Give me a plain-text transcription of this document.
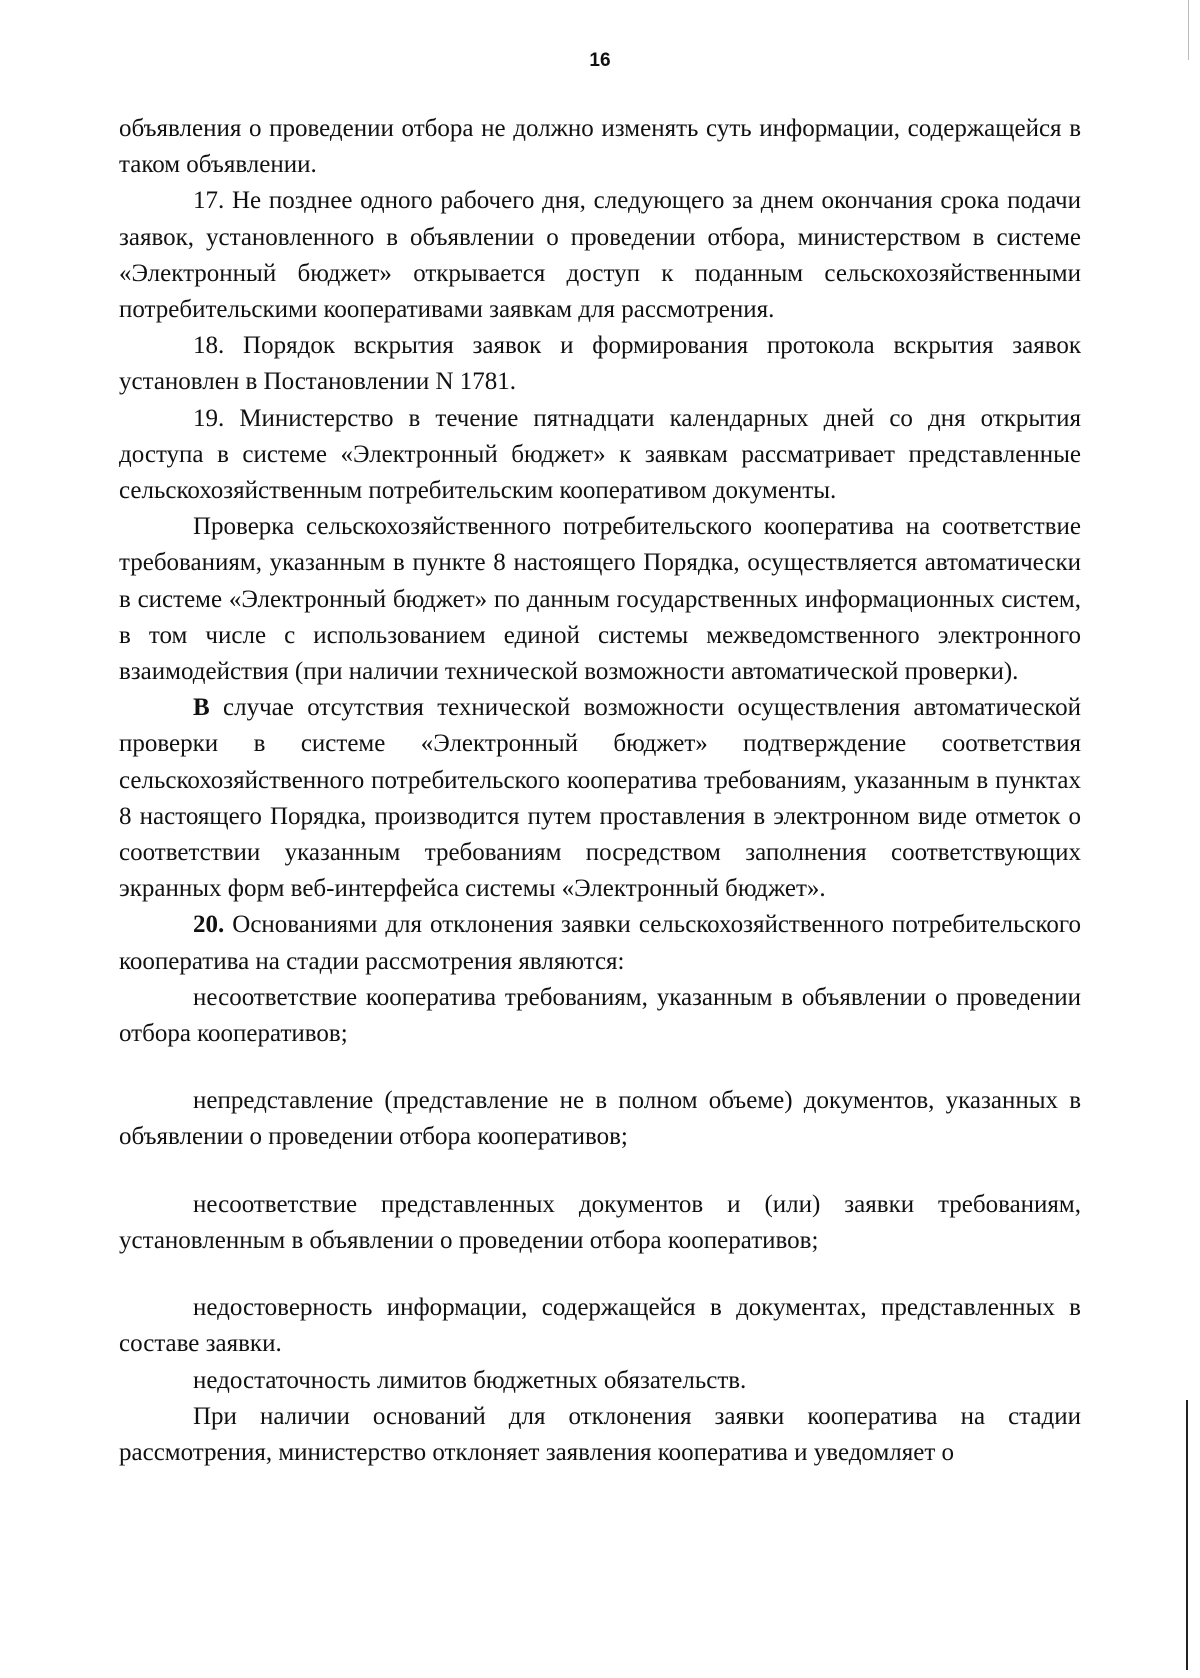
16

объявления о проведении отбора не должно изменять суть информации, содержащейся в таком объявлении.

17. Не позднее одного рабочего дня, следующего за днем окончания срока подачи заявок, установленного в объявлении о проведении отбора, министерством в системе «Электронный бюджет» открывается доступ к поданным сельскохозяйственными потребительскими кооперативами заявкам для рассмотрения.

18. Порядок вскрытия заявок и формирования протокола вскрытия заявок установлен в Постановлении N 1781.

19. Министерство в течение пятнадцати календарных дней со дня открытия доступа в системе «Электронный бюджет» к заявкам рассматривает представленные сельскохозяйственным потребительским кооперативом документы.

Проверка сельскохозяйственного потребительского кооператива на соответствие требованиям, указанным в пункте 8 настоящего Порядка, осуществляется автоматически в системе «Электронный бюджет» по данным государственных информационных систем, в том числе с использованием единой системы межведомственного электронного взаимодействия (при наличии технической возможности автоматической проверки).

В случае отсутствия технической возможности осуществления автоматической проверки в системе «Электронный бюджет» подтверждение соответствия сельскохозяйственного потребительского кооператива требованиям, указанным в пунктах 8 настоящего Порядка, производится путем проставления в электронном виде отметок о соответствии указанным требованиям посредством заполнения соответствующих экранных форм веб-интерфейса системы «Электронный бюджет».

20. Основаниями для отклонения заявки сельскохозяйственного потребительского кооператива на стадии рассмотрения являются:

несоответствие кооператива требованиям, указанным в объявлении о проведении отбора кооперативов;

непредставление (представление не в полном объеме) документов, указанных в объявлении о проведении отбора кооперативов;

несоответствие представленных документов и (или) заявки требованиям, установленным в объявлении о проведении отбора кооперативов;

недостоверность информации, содержащейся в документах, представленных в составе заявки.

недостаточность лимитов бюджетных обязательств.

При наличии оснований для отклонения заявки кооператива на стадии рассмотрения, министерство отклоняет заявления кооператива и уведомляет о
